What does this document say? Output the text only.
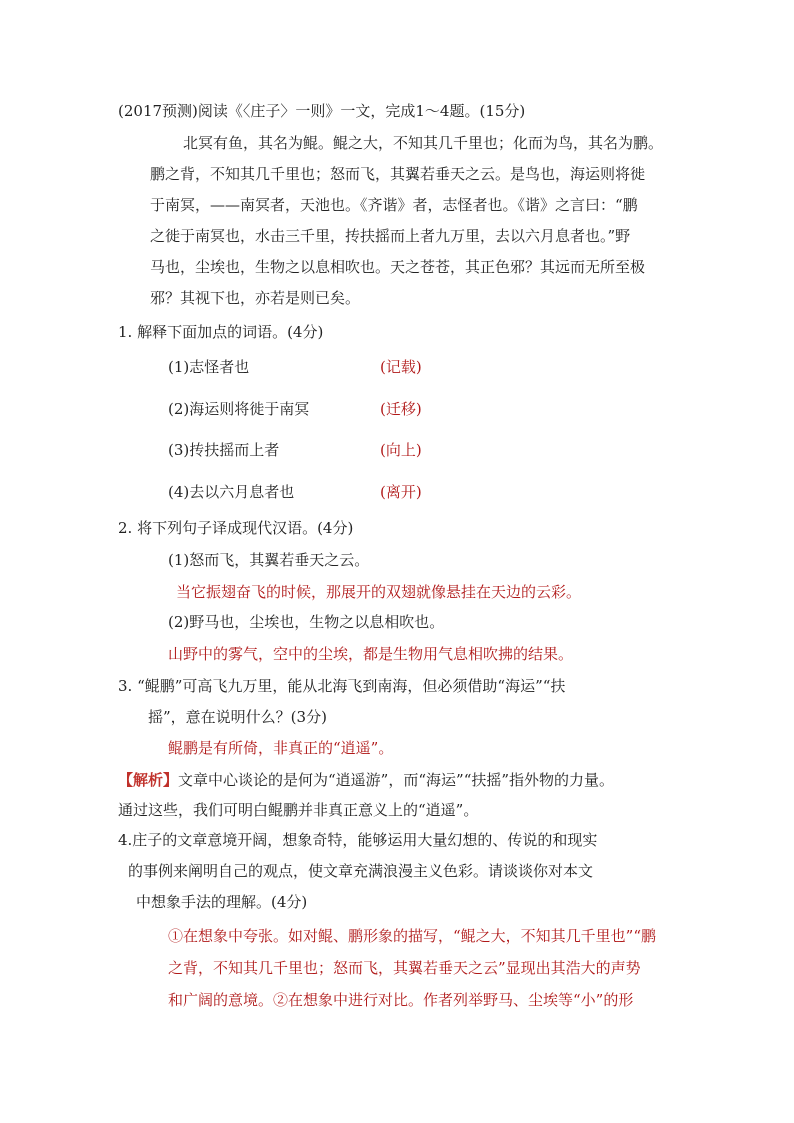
(2017预测)阅读《〈庄子〉一则》一文，完成1～4题。(15分)
北冥有鱼，其名为鲲。鲲之大，不知其几千里也；化而为鸟，其名为鹏。
鹏之背，不知其几千里也；怒而飞，其翼若垂天之云。是鸟也，海运则将徙
于南冥，——南冥者，天池也。《齐谐》者，志怪者也。《谐》之言曰：“鹏
之徙于南冥也，水击三千里，抟扶摇而上者九万里，去以六月息者也。”野
马也，尘埃也，生物之以息相吹也。天之苍苍，其正色邪？其远而无所至极
邪？其视下也，亦若是则已矣。
1. 解释下面加点的词语。(4分)
(1)志怪者也	(记载)
(2)海运则将徙于南冥	(迁移)
(3)抟扶摇而上者	(向上)
(4)去以六月息者也	(离开)
2. 将下列句子译成现代汉语。(4分)
(1)怒而飞，其翼若垂天之云。
当它振翅奋飞的时候，那展开的双翅就像悬挂在天边的云彩。
(2)野马也，尘埃也，生物之以息相吹也。
山野中的雾气，空中的尘埃，都是生物用气息相吹拂的结果。
3. “鲲鹏”可高飞九万里，能从北海飞到南海，但必须借助“海运”“扶
摇”，意在说明什么？(3分)
鲲鹏是有所倚，非真正的“逍遥”。
【解析】文章中心谈论的是何为“逍遥游”，而“海运”“扶摇”指外物的力量。
通过这些，我们可明白鲲鹏并非真正意义上的“逍遥”。
4.庄子的文章意境开阔，想象奇特，能够运用大量幻想的、传说的和现实
的事例来阐明自己的观点，使文章充满浪漫主义色彩。请谈谈你对本文
中想象手法的理解。(4分)
①在想象中夸张。如对鲲、鹏形象的描写，“鲲之大，不知其几千里也”“鹏
之背，不知其几千里也；怒而飞，其翼若垂天之云”显现出其浩大的声势
和广阔的意境。②在想象中进行对比。作者列举野马、尘埃等“小”的形
